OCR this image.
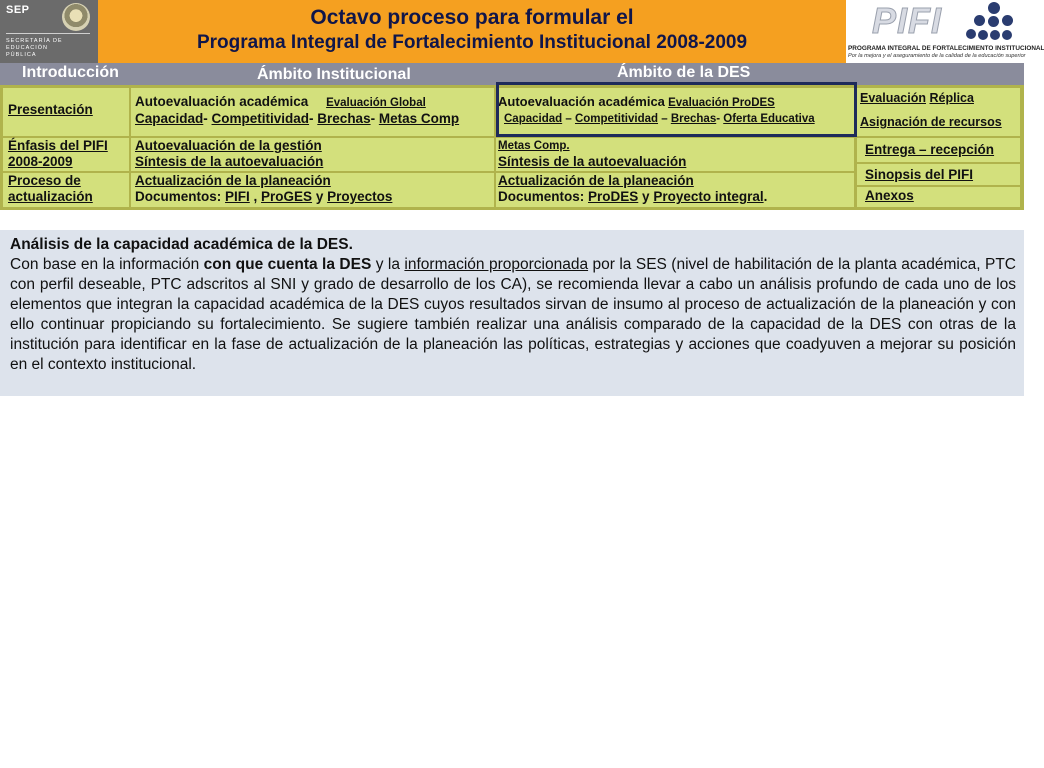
SEP
SECRETARÍA DE EDUCACIÓN PÚBLICA
Octavo proceso para formular el
Programa Integral de Fortalecimiento Institucional 2008-2009
PIFI
PROGRAMA INTEGRAL DE FORTALECIMIENTO INSTITUCIONAL
Por la mejora y el aseguramiento de la calidad de la educación superior
Introducción	Ámbito Institucional	Ámbito de la DES
Presentación
Énfasis del PIFI 2008-2009
Proceso de actualización
Autoevaluación académica Evaluación Global
Capacidad- Competitividad- Brechas- Metas Comp
Autoevaluación de la gestión
Síntesis de la autoevaluación
Actualización de la planeación
Documentos: PIFI , ProGES y Proyectos
Autoevaluación académica Evaluación ProDES
Capacidad – Competitividad – Brechas- Oferta Educativa
Metas Comp.
Síntesis de la autoevaluación
Actualización de la planeación
Documentos: ProDES y Proyecto integral.
Evaluación Réplica
Asignación de recursos
Entrega – recepción
Sinopsis del PIFI
Anexos
Análisis de la capacidad académica de la DES.

Con base en la información con que cuenta la DES y la información proporcionada por la SES (nivel de habilitación de la planta académica, PTC con perfil deseable, PTC adscritos al SNI y grado de desarrollo de los CA), se recomienda llevar a cabo un análisis profundo de cada uno de los elementos que integran la capacidad académica de la DES cuyos resultados sirvan de insumo al proceso de actualización de la planeación y con ello continuar propiciando su fortalecimiento. Se sugiere también realizar una análisis comparado de la capacidad de la DES con otras de la institución para identificar en la fase de actualización de la planeación las políticas, estrategias y acciones que coadyuven a mejorar su posición en el contexto institucional.
